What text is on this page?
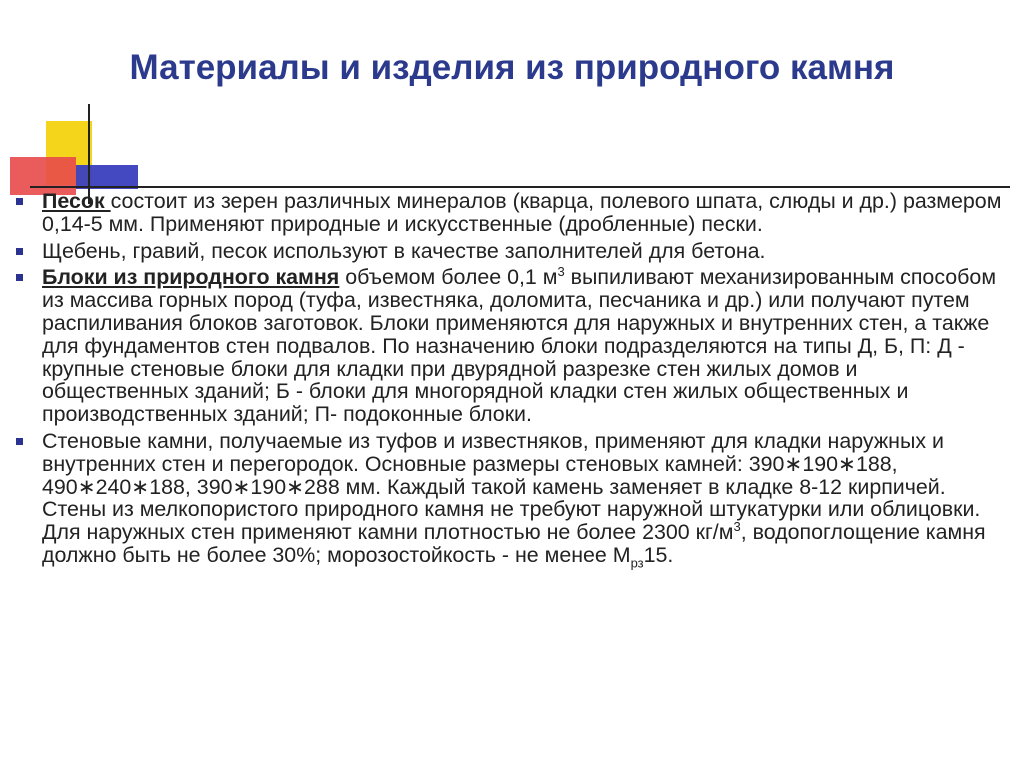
Материалы и изделия из природного камня
Песок состоит из зерен различных минералов (кварца, полевого шпата, слюды и др.) размером 0,14-5 мм. Применяют природные и искусственные (дробленные) пески.
Щебень, гравий, песок используют в качестве заполнителей для бетона.
Блоки из природного камня объемом более 0,1 $м^3$ выпиливают механизированным способом из массива горных пород (туфа, известняка, доломита, песчаника и др.) или получают путем распиливания блоков заготовок. Блоки применяются для наружных и внутренних стен, а также для фундаментов стен подвалов. По назначению блоки подразделяются на типы Д, Б, П: Д - крупные стеновые блоки для кладки при двурядной разрезке стен жилых домов и общественных зданий; Б - блоки для многорядной кладки стен жилых общественных и производственных зданий; П- подоконные блоки.
Стеновые камни, получаемые из туфов и известняков, применяют для кладки наружных и внутренних стен и перегородок. Основные размеры стеновых камней: 390∗190∗188, 490∗240∗188, 390∗190∗288 мм. Каждый такой камень заменяет в кладке 8-12 кирпичей. Стены из мелкопористого природного камня не требуют наружной штукатурки или облицовки. Для наружных стен применяют камни плотностью не более 2300 $кг/м^3$, водопоглощение камня должно быть не более 30%; морозостойкость - не менее $М_{рз}15$.
